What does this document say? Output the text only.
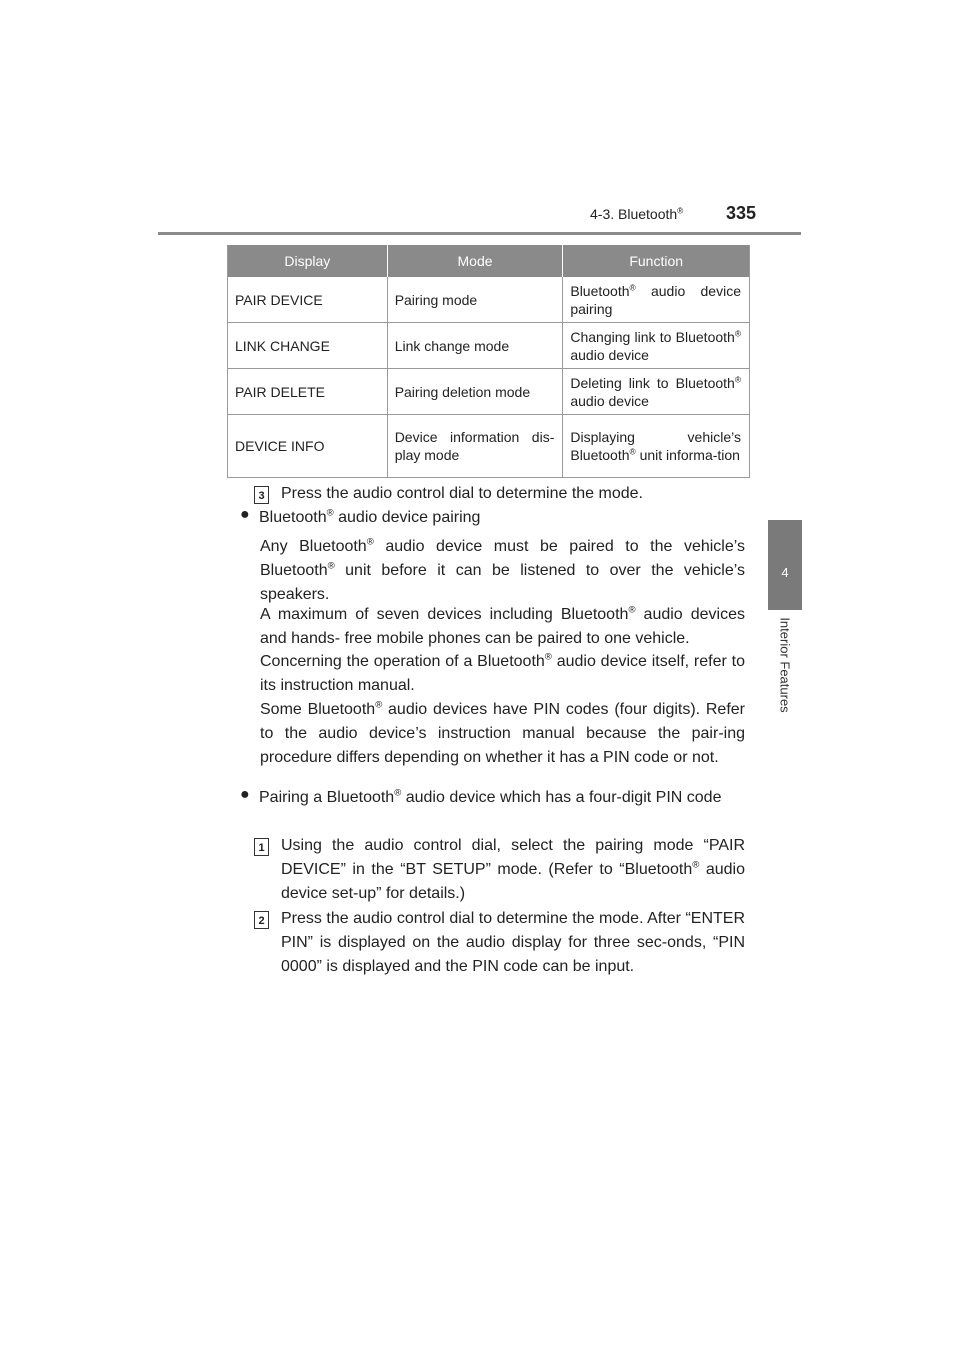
4-3. Bluetooth® 335
4
Interior Features
Display	Mode	Function
PAIR DEVICE	Pairing mode	Bluetooth® audio device pairing
LINK CHANGE	Link change mode	Changing link to Bluetooth® audio device
PAIR DELETE	Pairing deletion mode	Deleting link to Bluetooth® audio device
DEVICE INFO	Device information dis-play mode	Displaying vehicle’s Bluetooth® unit informa-tion
3 Press the audio control dial to determine the mode.
● Bluetooth® audio device pairing
Any Bluetooth® audio device must be paired to the vehicle’s Bluetooth® unit before it can be listened to over the vehicle’s speakers.
A maximum of seven devices including Bluetooth® audio devices and hands- free mobile phones can be paired to one vehicle.
Concerning the operation of a Bluetooth® audio device itself, refer to its instruction manual.
Some Bluetooth® audio devices have PIN codes (four digits). Refer to the audio device’s instruction manual because the pair-ing procedure differs depending on whether it has a PIN code or not.
● Pairing a Bluetooth® audio device which has a four-digit PIN code
1 Using the audio control dial, select the pairing mode “PAIR DEVICE” in the “BT SETUP” mode. (Refer to “Bluetooth® audio device set-up” for details.)
2 Press the audio control dial to determine the mode. After “ENTER PIN” is displayed on the audio display for three sec-onds, “PIN 0000” is displayed and the PIN code can be input.
